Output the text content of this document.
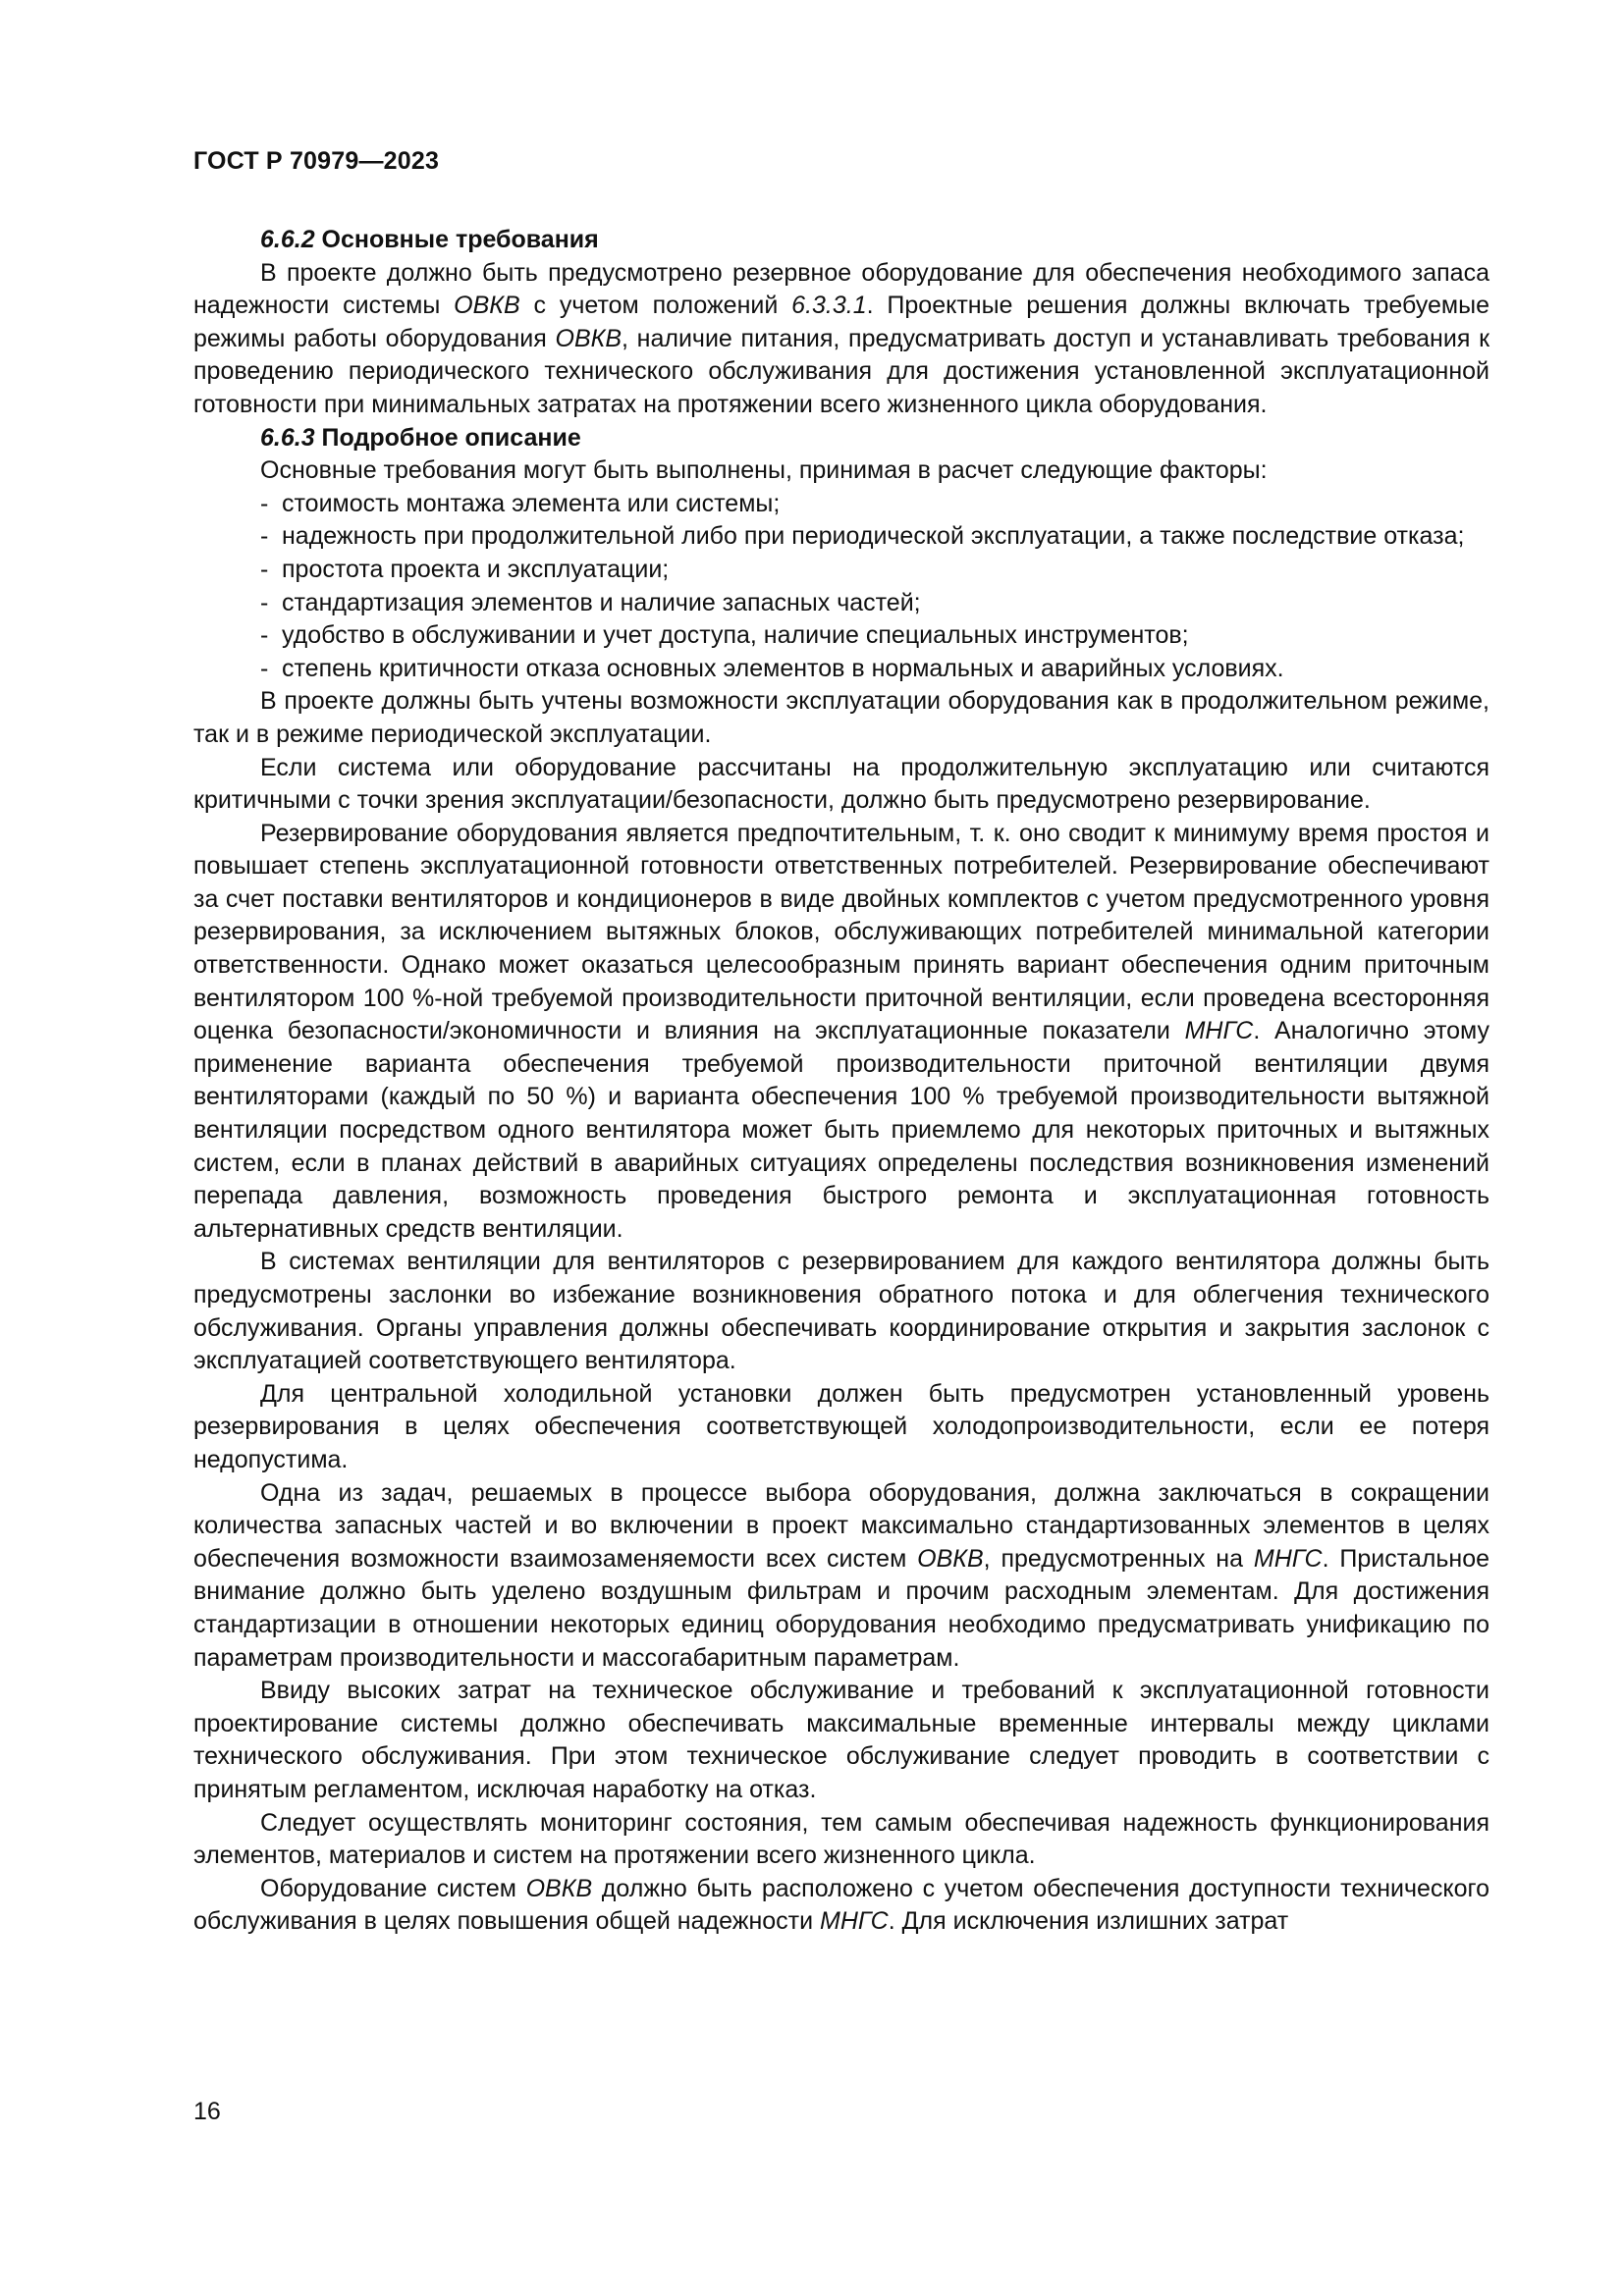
ГОСТ Р 70979—2023

6.6.2 Основные требования

В проекте должно быть предусмотрено резервное оборудование для обеспечения необходимого запаса надежности системы ОВКВ с учетом положений 6.3.3.1. Проектные решения должны включать требуемые режимы работы оборудования ОВКВ, наличие питания, предусматривать доступ и устанавливать требования к проведению периодического технического обслуживания для достижения установленной эксплуатационной готовности при минимальных затратах на протяжении всего жизненного цикла оборудования.

6.6.3 Подробное описание

Основные требования могут быть выполнены, принимая в расчет следующие факторы:

- стоимость монтажа элемента или системы;
- надежность при продолжительной либо при периодической эксплуатации, а также последствие отказа;
- простота проекта и эксплуатации;
- стандартизация элементов и наличие запасных частей;
- удобство в обслуживании и учет доступа, наличие специальных инструментов;
- степень критичности отказа основных элементов в нормальных и аварийных условиях.

В проекте должны быть учтены возможности эксплуатации оборудования как в продолжительном режиме, так и в режиме периодической эксплуатации.

Если система или оборудование рассчитаны на продолжительную эксплуатацию или считаются критичными с точки зрения эксплуатации/безопасности, должно быть предусмотрено резервирование.

Резервирование оборудования является предпочтительным, т. к. оно сводит к минимуму время простоя и повышает степень эксплуатационной готовности ответственных потребителей. Резервирование обеспечивают за счет поставки вентиляторов и кондиционеров в виде двойных комплектов с учетом предусмотренного уровня резервирования, за исключением вытяжных блоков, обслуживающих потребителей минимальной категории ответственности. Однако может оказаться целесообразным принять вариант обеспечения одним приточным вентилятором 100 %-ной требуемой производительности приточной вентиляции, если проведена всесторонняя оценка безопасности/экономичности и влияния на эксплуатационные показатели МНГС. Аналогично этому применение варианта обеспечения требуемой производительности приточной вентиляции двумя вентиляторами (каждый по 50 %) и варианта обеспечения 100 % требуемой производительности вытяжной вентиляции посредством одного вентилятора может быть приемлемо для некоторых приточных и вытяжных систем, если в планах действий в аварийных ситуациях определены последствия возникновения изменений перепада давления, возможность проведения быстрого ремонта и эксплуатационная готовность альтернативных средств вентиляции.

В системах вентиляции для вентиляторов с резервированием для каждого вентилятора должны быть предусмотрены заслонки во избежание возникновения обратного потока и для облегчения технического обслуживания. Органы управления должны обеспечивать координирование открытия и закрытия заслонок с эксплуатацией соответствующего вентилятора.

Для центральной холодильной установки должен быть предусмотрен установленный уровень резервирования в целях обеспечения соответствующей холодопроизводительности, если ее потеря недопустима.

Одна из задач, решаемых в процессе выбора оборудования, должна заключаться в сокращении количества запасных частей и во включении в проект максимально стандартизованных элементов в целях обеспечения возможности взаимозаменяемости всех систем ОВКВ, предусмотренных на МНГС. Пристальное внимание должно быть уделено воздушным фильтрам и прочим расходным элементам. Для достижения стандартизации в отношении некоторых единиц оборудования необходимо предусматривать унификацию по параметрам производительности и массогабаритным параметрам.

Ввиду высоких затрат на техническое обслуживание и требований к эксплуатационной готовности проектирование системы должно обеспечивать максимальные временные интервалы между циклами технического обслуживания. При этом техническое обслуживание следует проводить в соответствии с принятым регламентом, исключая наработку на отказ.

Следует осуществлять мониторинг состояния, тем самым обеспечивая надежность функционирования элементов, материалов и систем на протяжении всего жизненного цикла.

Оборудование систем ОВКВ должно быть расположено с учетом обеспечения доступности технического обслуживания в целях повышения общей надежности МНГС. Для исключения излишних затрат

16
